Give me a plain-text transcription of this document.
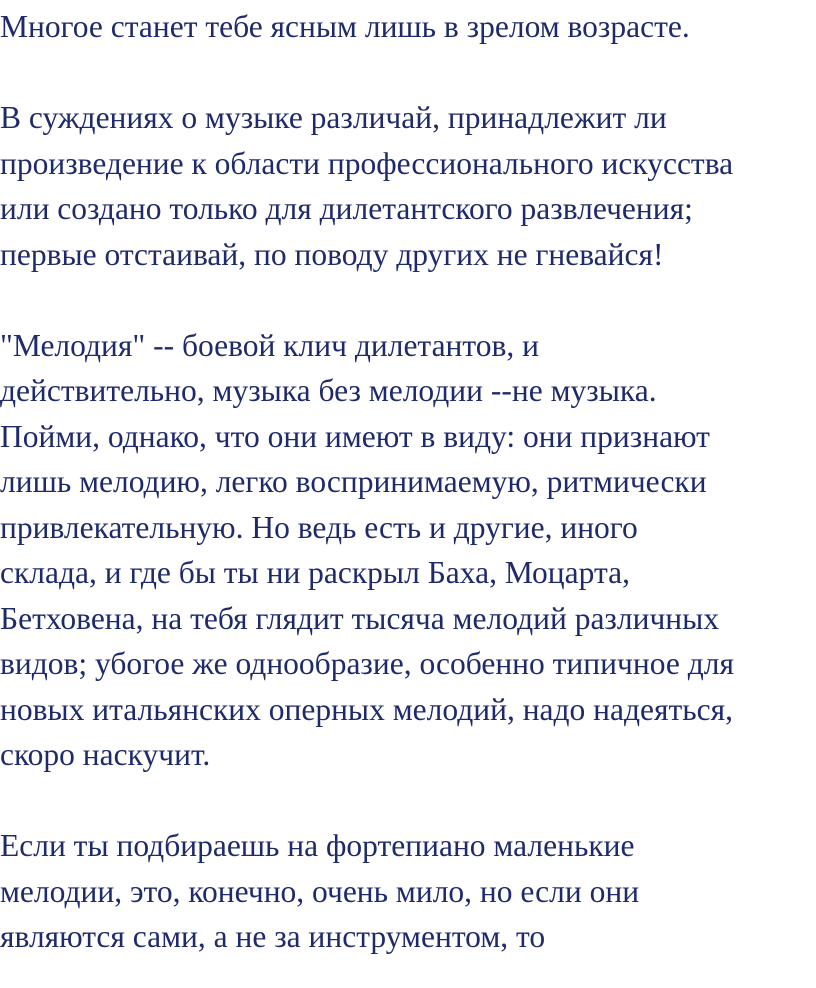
Многое станет тебе ясным лишь в зрелом возрасте.
В суждениях о музыке различай, принадлежит ли
произведение к области профессионального искусства
или создано только для дилетантского развлечения;
первые отстаивай, по поводу других не гневайся!
"Мелодия" -- боевой клич дилетантов, и
действительно, музыка без мелодии --не музыка.
Пойми, однако, что они имеют в виду: они признают
лишь мелодию, легко воспринимаемую, ритмически
привлекательную. Но ведь есть и другие, иного
склада, и где бы ты ни раскрыл Баха, Моцарта,
Бетховена, на тебя глядит тысяча мелодий различных
видов; убогое же однообразие, особенно типичное для
новых итальянских оперных мелодий, надо надеяться,
скоро наскучит.
Если ты подбираешь на фортепиано маленькие
мелодии, это, конечно, очень мило, но если они
являются сами, а не за инструментом, то
